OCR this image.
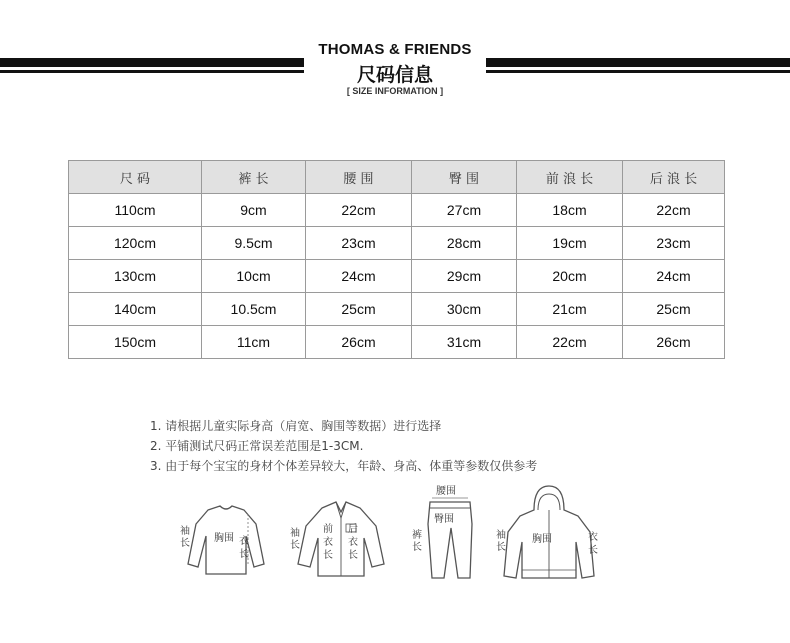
THOMAS & FRIENDS
尺码信息
[ SIZE INFORMATION ]
尺 码	裤 长	腰 围	臀 围	前 浪 长	后 浪 长
110cm	9cm	22cm	27cm	18cm	22cm
120cm	9.5cm	23cm	28cm	19cm	23cm
130cm	10cm	24cm	29cm	20cm	24cm
140cm	10.5cm	25cm	30cm	21cm	25cm
150cm	11cm	26cm	31cm	22cm	26cm
1. 请根据儿童实际身高（肩宽、胸围等数据）进行选择
2. 平铺测试尺码正常误差范围是1-3CM.
3. 由于每个宝宝的身材个体差异较大，年龄、身高、体重等参数仅供参考
袖
长 胸围 衣
长
袖
长
前
衣
长
后
衣
长
腰围
臀围
裤
长
袖
长
胸围	衣
长
